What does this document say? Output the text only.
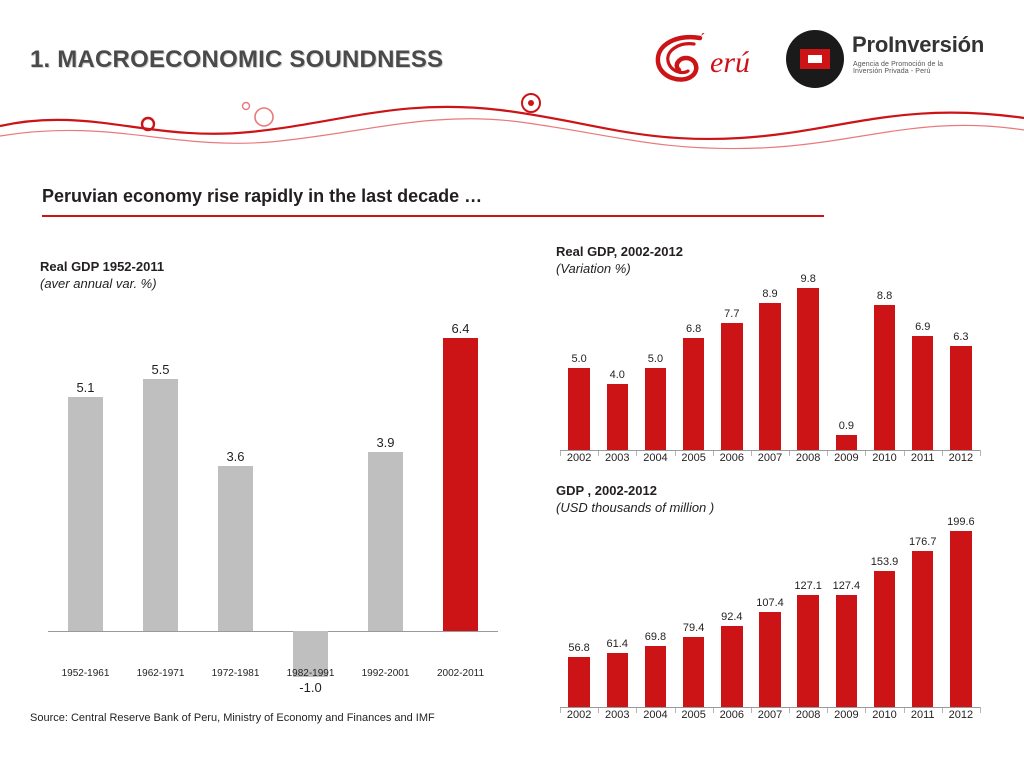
1. MACROECONOMIC SOUNDNESS	erú
´	ProInversión
Agencia de Promoción de la Inversión Privada - Perú
Peruvian economy rise rapidly in the last decade …
Real GDP 1952-2011
(aver annual var. %)
5.1
5.5
3.6
-1.0
3.9
6.4
1952-1961	1962-1971	1972-1981	1982-1991	1992-2001	2002-2011
Source: Central Reserve Bank of Peru, Ministry of Economy and Finances and IMF
Real GDP, 2002-2012
(Variation %)
5.0
4.0
5.0
6.8
7.7
8.9
9.8
0.9
8.8
6.9
6.3
2002	2003	2004	2005	2006	2007	2008	2009	2010	2011	2012
GDP , 2002-2012
(USD thousands of million )
56.8	61.4
69.8
79.4
92.4
107.4
127.1 127.4
153.9
176.7
199.6
2002	2003	2004	2005	2006	2007	2008	2009	2010	2011	2012
